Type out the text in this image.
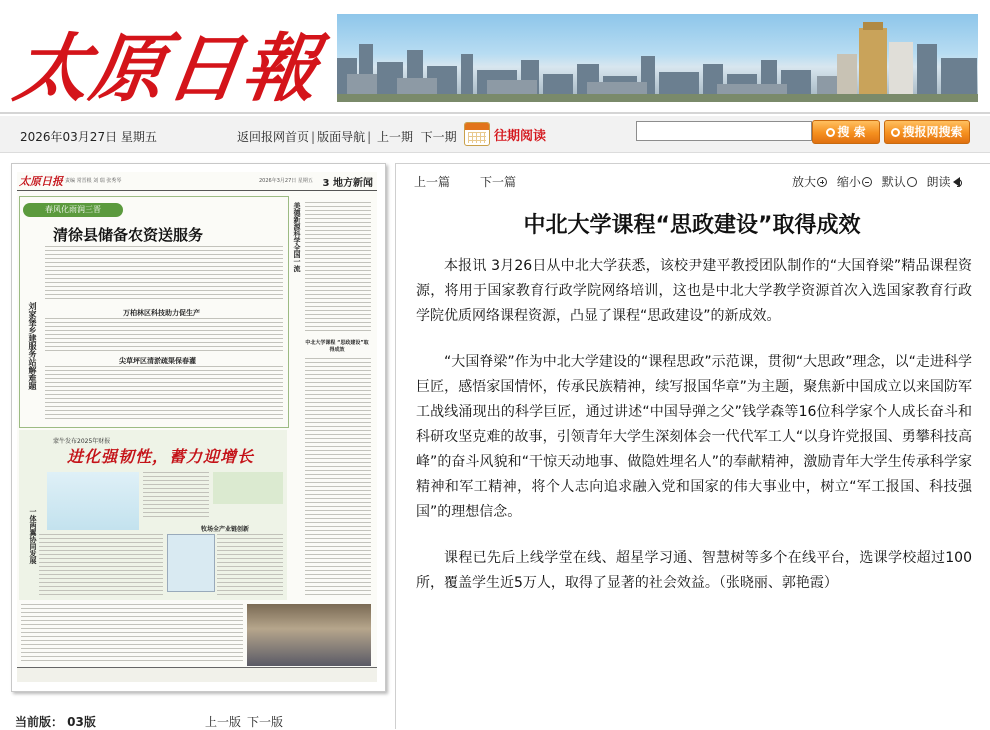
太原日報
2026年03月27日 星期五	返回报网首页 | 版面导航 | 上一期 下一期	往期阅读	搜 索	搜报网搜索
太原日报 责编 常晋根 刘 瑞 张秀琴	2026年3月27日 星期五 3 地方新闻
春风化雨润三晋
清徐县储备农资送服务
万柏林区科技助力促生产
尖草坪区清淤疏渠保春灌
刘家堡乡建服务站解难题
美德新源科学全国一流
中北大学课程 “思政建设”取得成效
蒙牛发布2025年财报
进化强韧性，蓄力迎增长
一体两翼协同发展	牧场全产业链创新
当前版： 03版	上一版 下一版
上一篇	下一篇	放大 缩小 默认 朗读
中北大学课程“思政建设”取得成效

本报讯 3月26日从中北大学获悉，该校尹建平教授团队制作的“大国脊梁”精品课程资源，将用于国家教育行政学院网络培训，这也是中北大学教学资源首次入选国家教育行政学院优质网络课程资源，凸显了课程“思政建设”的新成效。

“大国脊梁”作为中北大学建设的“课程思政”示范课，贯彻“大思政”理念，以“走进科学巨匠，感悟家国情怀，传承民族精神，续写报国华章”为主题，聚焦新中国成立以来国防军工战线涌现出的科学巨匠，通过讲述“中国导弹之父”钱学森等16位科学家个人成长奋斗和科研攻坚克难的故事，引领青年大学生深刻体会一代代军工人“以身许党报国、勇攀科技高峰”的奋斗风貌和“干惊天动地事、做隐姓埋名人”的奉献精神，激励青年大学生传承科学家精神和军工精神，将个人志向追求融入党和国家的伟大事业中，树立“军工报国、科技强国”的理想信念。

课程已先后上线学堂在线、超星学习通、智慧树等多个在线平台，选课学校超过100所，覆盖学生近5万人，取得了显著的社会效益。（张晓丽、郭艳霞）
